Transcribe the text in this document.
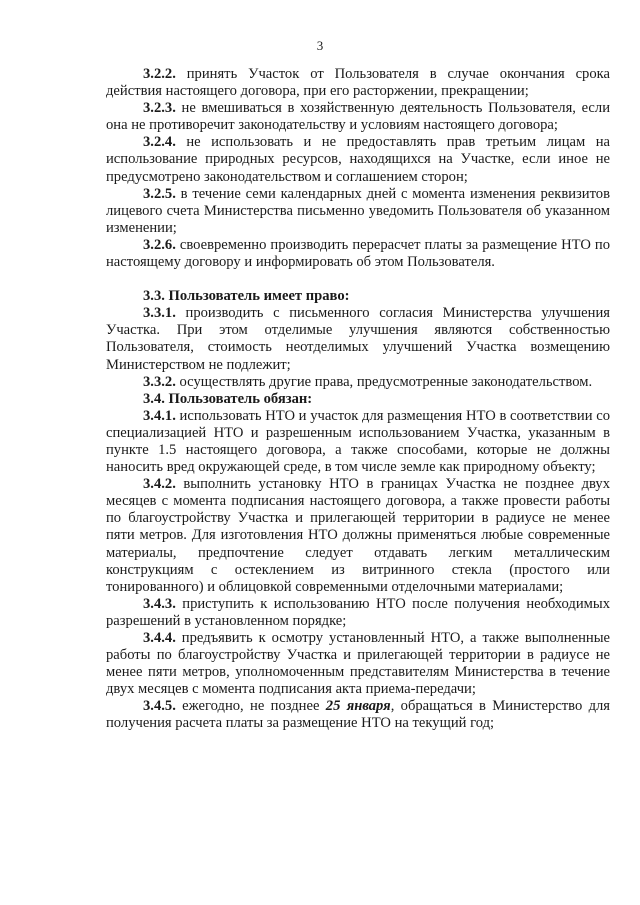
3

3.2.2. принять Участок от Пользователя в случае окончания срока действия настоящего договора, при его расторжении, прекращении;

3.2.3. не вмешиваться в хозяйственную деятельность Пользователя, если она не противоречит законодательству и условиям настоящего договора;

3.2.4. не использовать и не предоставлять прав третьим лицам на использование природных ресурсов, находящихся на Участке, если иное не предусмотрено законодательством и соглашением сторон;

3.2.5. в течение семи календарных дней с момента изменения реквизитов лицевого счета Министерства письменно уведомить Пользователя об указанном изменении;

3.2.6. своевременно производить перерасчет платы за размещение НТО по настоящему договору и информировать об этом Пользователя.

3.3. Пользователь имеет право:

3.3.1. производить с письменного согласия Министерства улучшения Участка. При этом отделимые улучшения являются собственностью Пользователя, стоимость неотделимых улучшений Участка возмещению Министерством не подлежит;

3.3.2. осуществлять другие права, предусмотренные законодательством.

3.4. Пользователь обязан:

3.4.1. использовать НТО и участок для размещения НТО в соответствии со специализацией НТО и разрешенным использованием Участка, указанным в пункте 1.5 настоящего договора, а также способами, которые не должны наносить вред окружающей среде, в том числе земле как природному объекту;

3.4.2. выполнить установку НТО в границах Участка не позднее двух месяцев с момента подписания настоящего договора, а также провести работы по благоустройству Участка и прилегающей территории в радиусе не менее пяти метров. Для изготовления НТО должны применяться любые современные материалы, предпочтение следует отдавать легким металлическим конструкциям с остеклением из витринного стекла (простого или тонированного) и облицовкой современными отделочными материалами;

3.4.3. приступить к использованию НТО после получения необходимых разрешений в установленном порядке;

3.4.4. предъявить к осмотру установленный НТО, а также выполненные работы по благоустройству Участка и прилегающей территории в радиусе не менее пяти метров, уполномоченным представителям Министерства в течение двух месяцев с момента подписания акта приема-передачи;

3.4.5. ежегодно, не позднее 25 января, обращаться в Министерство для получения расчета платы за размещение НТО на текущий год;
